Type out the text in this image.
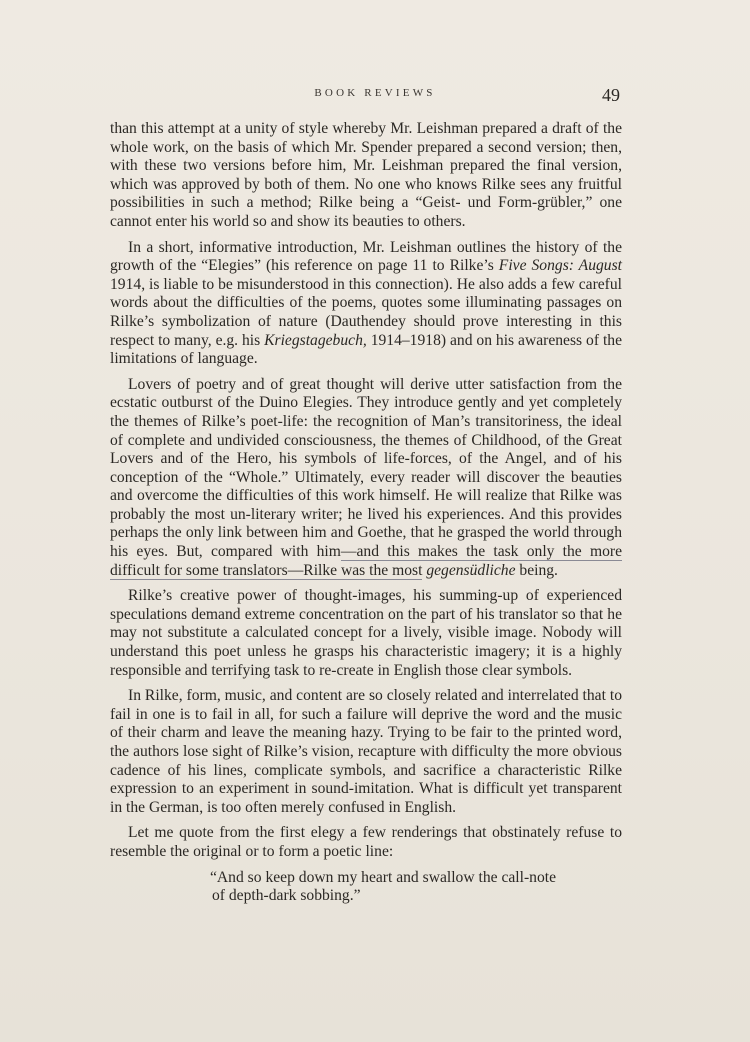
BOOK REVIEWS	49

than this attempt at a unity of style whereby Mr. Leishman prepared a draft of the whole work, on the basis of which Mr. Spender prepared a second version; then, with these two versions before him, Mr. Leishman prepared the final version, which was approved by both of them. No one who knows Rilke sees any fruitful possibilities in such a method; Rilke being a “Geist- und Form-grübler,” one cannot enter his world so and show its beauties to others.

In a short, informative introduction, Mr. Leishman outlines the history of the growth of the “Elegies” (his reference on page 11 to Rilke’s Five Songs: August 1914, is liable to be misunderstood in this connection). He also adds a few careful words about the difficulties of the poems, quotes some illuminating passages on Rilke’s symbolization of nature (Dauthendey should prove interesting in this respect to many, e.g. his Kriegstagebuch, 1914–1918) and on his awareness of the limitations of language.

Lovers of poetry and of great thought will derive utter satisfaction from the ecstatic outburst of the Duino Elegies. They introduce gently and yet completely the themes of Rilke’s poet-life: the recognition of Man’s transitoriness, the ideal of complete and undivided consciousness, the themes of Childhood, of the Great Lovers and of the Hero, his symbols of life-forces, of the Angel, and of his conception of the “Whole.” Ultimately, every reader will discover the beauties and overcome the difficulties of this work himself. He will realize that Rilke was probably the most un-literary writer; he lived his experiences. And this provides perhaps the only link between him and Goethe, that he grasped the world through his eyes. But, compared with him—and this makes the task only the more difficult for some translators—Rilke was the most gegensüdliche being.

Rilke’s creative power of thought-images, his summing-up of experienced speculations demand extreme concentration on the part of his translator so that he may not substitute a calculated concept for a lively, visible image. Nobody will understand this poet unless he grasps his characteristic imagery; it is a highly responsible and terrifying task to re-create in English those clear symbols.

In Rilke, form, music, and content are so closely related and interrelated that to fail in one is to fail in all, for such a failure will deprive the word and the music of their charm and leave the meaning hazy. Trying to be fair to the printed word, the authors lose sight of Rilke’s vision, recapture with difficulty the more obvious cadence of his lines, complicate symbols, and sacrifice a characteristic Rilke expression to an experiment in sound-imitation. What is difficult yet transparent in the German, is too often merely confused in English.

Let me quote from the first elegy a few renderings that obstinately refuse to resemble the original or to form a poetic line:

“And so keep down my heart and swallow the call-note

of depth-dark sobbing.”
